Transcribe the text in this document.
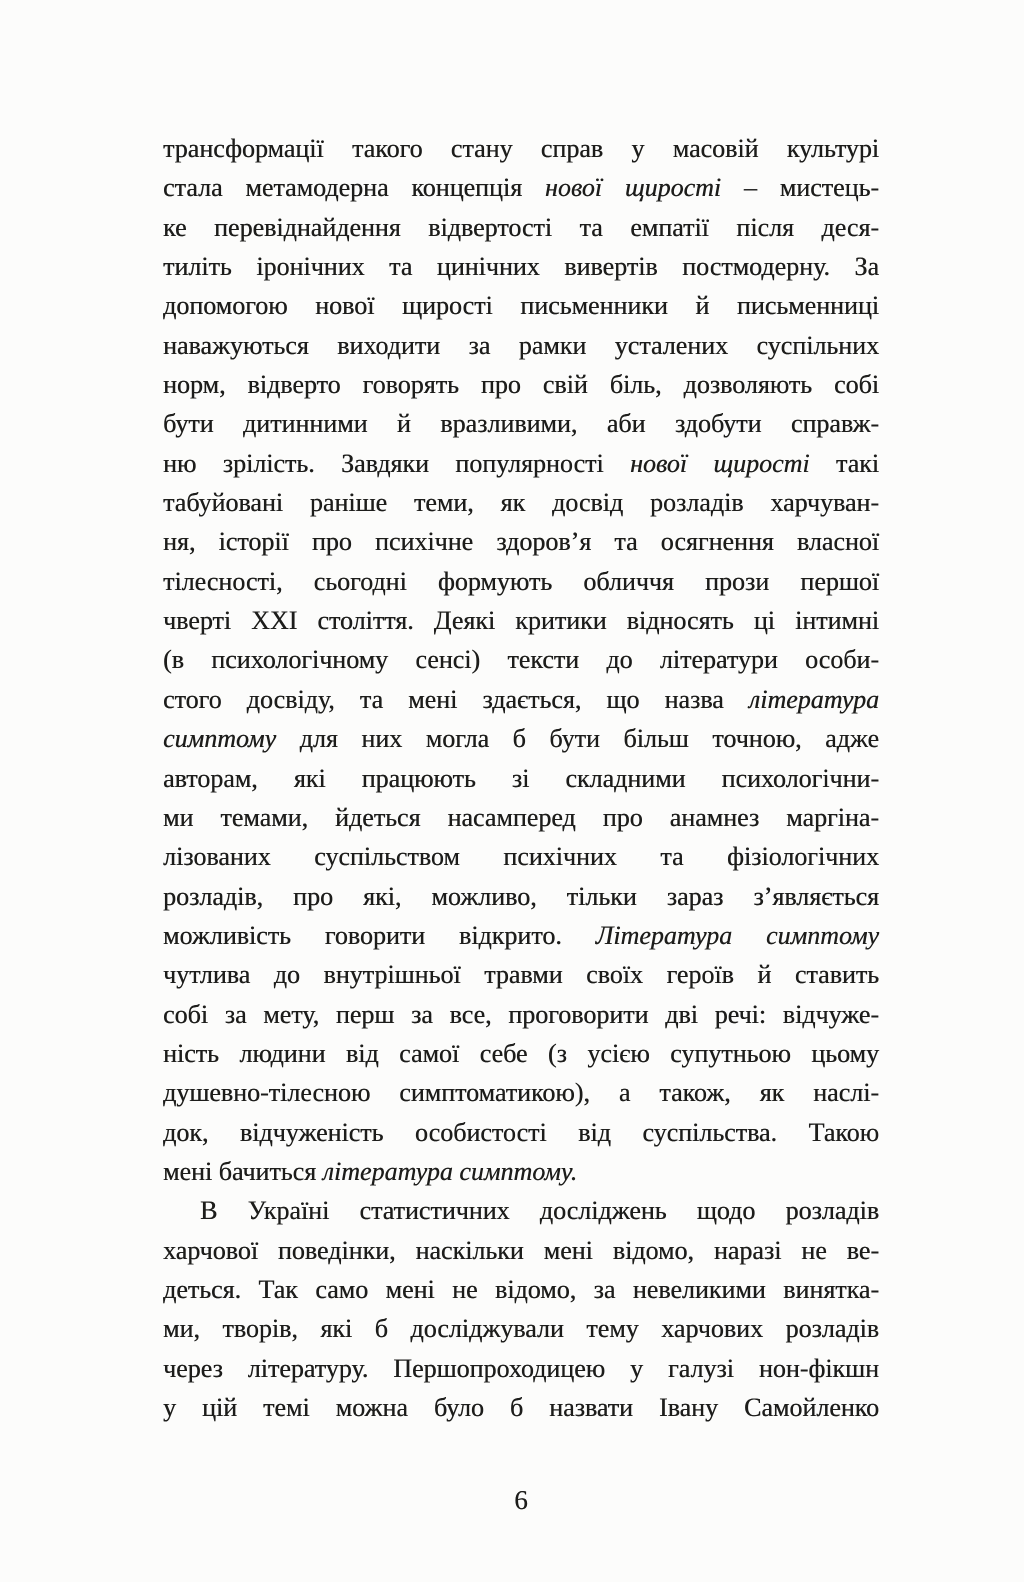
трансформації такого стану справ у масовій культурі
стала метамодерна концепція нової щирості – мистець-
ке перевіднайдення відвертості та емпатії після деся-
тиліть іронічних та цинічних вивертів постмодерну. За
допомогою нової щирості письменники й письменниці
наважуються виходити за рамки усталених суспільних
норм, відверто говорять про свій біль, дозволяють собі
бути дитинними й вразливими, аби здобути справж-
ню зрілість. Завдяки популярності нової щирості такі
табуйовані раніше теми, як досвід розладів харчуван-
ня, історії про психічне здоров’я та осягнення власної
тілесності, сьогодні формують обличчя прози першої
чверті XXI століття. Деякі критики відносять ці інтимні
(в психологічному сенсі) тексти до літератури особи-
стого досвіду, та мені здається, що назва література
симптому для них могла б бути більш точною, адже
авторам, які працюють зі складними психологічни-
ми темами, йдеться насамперед про анамнез маргіна-
лізованих суспільством психічних та фізіологічних
розладів, про які, можливо, тільки зараз з’являється
можливість говорити відкрито. Література симптому
чутлива до внутрішньої травми своїх героїв й ставить
собі за мету, перш за все, проговорити дві речі: відчуже-
ність людини від самої себе (з усією супутньою цьому
душевно-тілесною симптоматикою), а також, як наслі-
док, відчуженість особистості від суспільства. Такою
мені бачиться література симптому.
В Україні статистичних досліджень щодо розладів
харчової поведінки, наскільки мені відомо, наразі не ве-
деться. Так само мені не відомо, за невеликими винятка-
ми, творів, які б досліджували тему харчових розладів
через літературу. Першопроходицею у галузі нон-фікшн
у цій темі можна було б назвати Івану Самойленко
6
